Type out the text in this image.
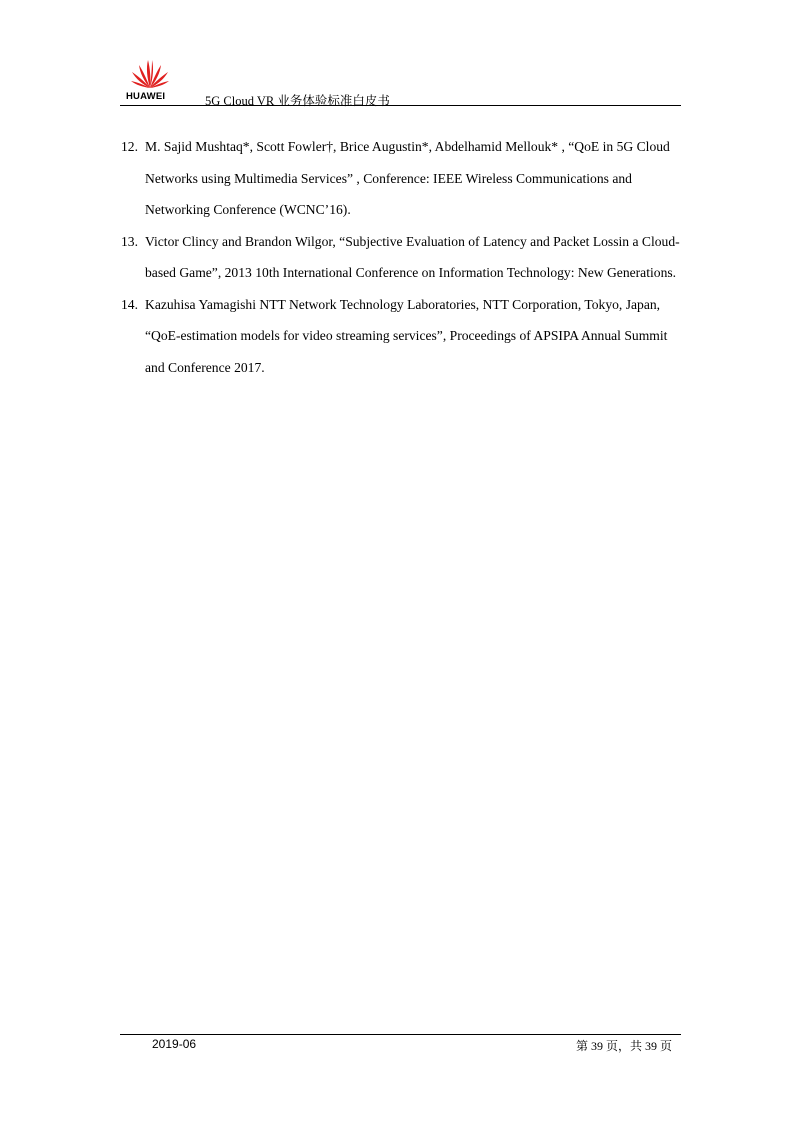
HUAWEI	5G Cloud VR 业务体验标准白皮书
12. M. Sajid Mushtaq*, Scott Fowler†, Brice Augustin*, Abdelhamid Mellouk* , “QoE in 5G Cloud Networks using Multimedia Services” , Conference: IEEE Wireless Communications and Networking Conference (WCNC’16).
13. Victor Clincy and Brandon Wilgor, “Subjective Evaluation of Latency and Packet Lossin a Cloud-based Game”, 2013 10th International Conference on Information Technology: New Generations.
14. Kazuhisa Yamagishi NTT Network Technology Laboratories, NTT Corporation, Tokyo, Japan, “QoE-estimation models for video streaming services”, Proceedings of APSIPA Annual Summit and Conference 2017.
2019-06	第 39 页，共 39 页
